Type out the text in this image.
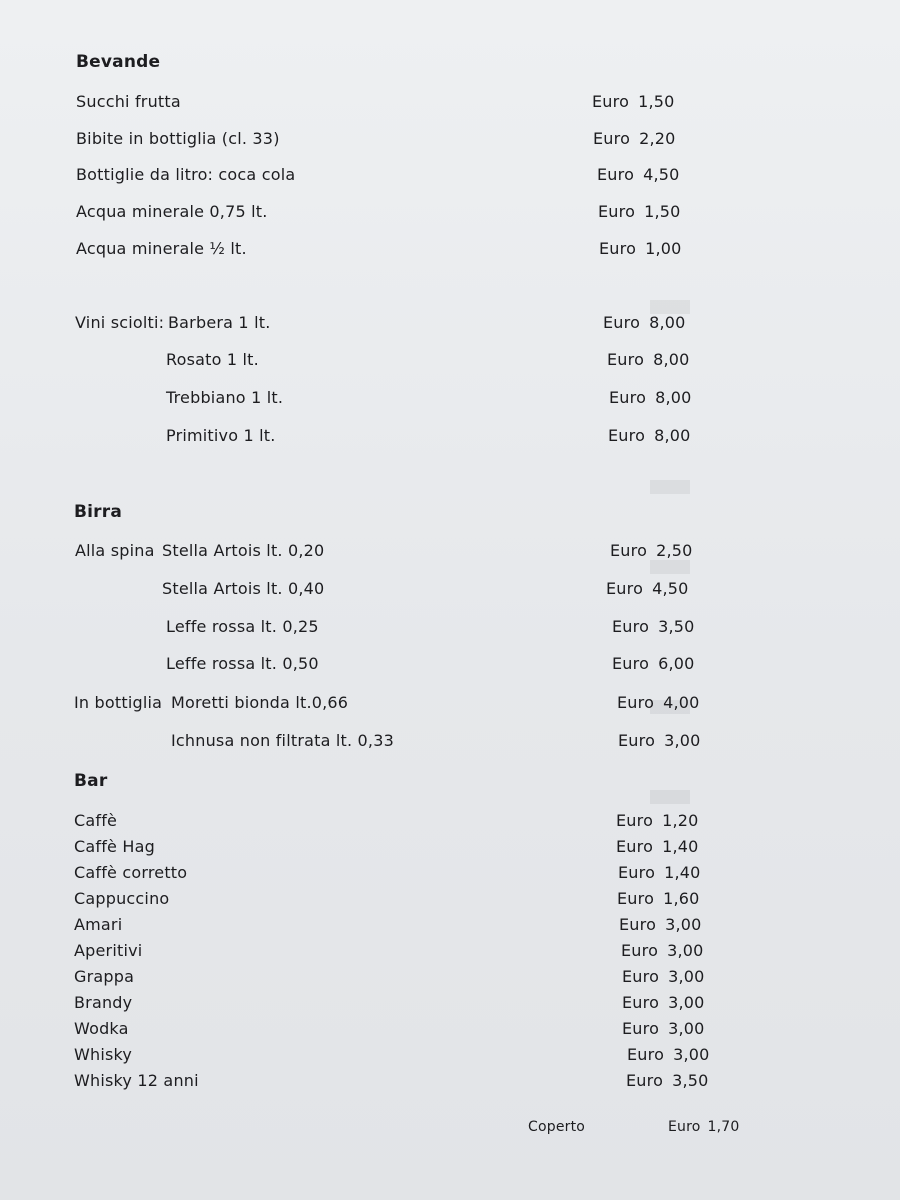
Bevande
Succhi frutta	Euro 1,50
Bibite in bottiglia (cl. 33)	Euro 2,20
Bottiglie da litro: coca cola	Euro 4,50
Acqua minerale 0,75 lt.	Euro 1,50
Acqua minerale ½ lt.	Euro 1,00
Vini sciolti: Barbera 1 lt.	Euro 8,00
Rosato 1 lt.	Euro 8,00
Trebbiano 1 lt.	Euro 8,00
Primitivo 1 lt.	Euro 8,00
Birra
Alla spina Stella Artois lt. 0,20	Euro 2,50
Stella Artois lt. 0,40	Euro 4,50
Leffe rossa lt. 0,25	Euro 3,50
Leffe rossa lt. 0,50	Euro 6,00
In bottiglia Moretti bionda lt.0,66	Euro 4,00
Ichnusa non filtrata lt. 0,33	Euro 3,00
Bar
Caffè	Euro 1,20
Caffè Hag	Euro 1,40
Caffè corretto	Euro 1,40
Cappuccino	Euro 1,60
Amari	Euro 3,00
Aperitivi	Euro 3,00
Grappa	Euro 3,00
Brandy	Euro 3,00
Wodka	Euro 3,00
Whisky	Euro 3,00
Whisky 12 anni	Euro 3,50
Coperto	Euro 1,70
